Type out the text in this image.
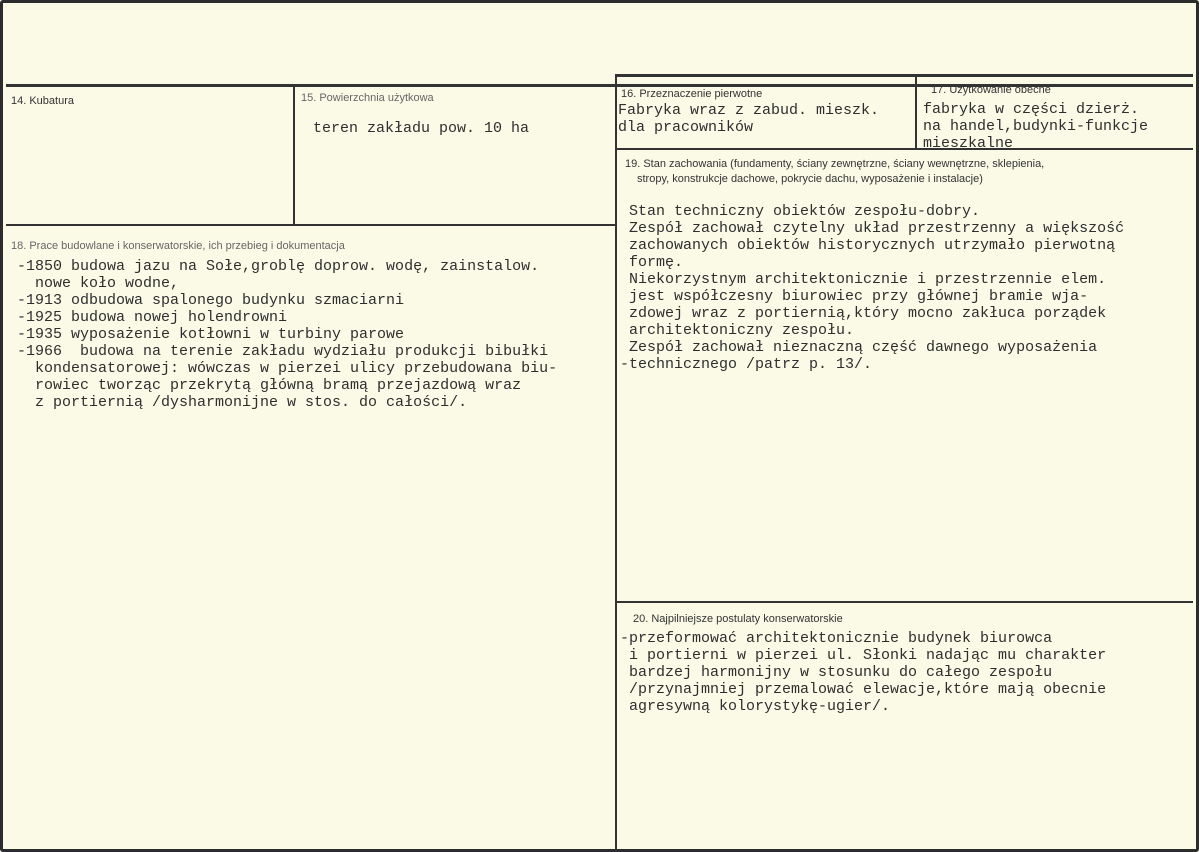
14. Kubatura	15. Powierzchnia użytkowa
teren zakładu pow. 10 ha
16. Przeznaczenie pierwotne
Fabryka wraz z zabud. mieszk.
dla pracowników
17. Użytkowanie obecne
fabryka w części dzierż.
na handel,budynki-funkcje
mieszkalne
18. Prace budowlane i konserwatorskie, ich przebieg i dokumentacja
-1850 budowa jazu na Sołe,groblę doprow. wodę, zainstalow.
nowe koło wodne,
-1913 odbudowa spalonego budynku szmaciarni
-1925 budowa nowej holendrowni
-1935 wyposażenie kotłowni w turbiny parowe
-1966  budowa na terenie zakładu wydziału produkcji bibułki
kondensatorowej: wówczas w pierzei ulicy przebudowana biu-
rowiec tworząc przekrytą główną bramą przejazdową wraz
z portiernią /dysharmonijne w stos. do całości/.
19. Stan zachowania (fundamenty, ściany zewnętrzne, ściany wewnętrzne, sklepienia,
stropy, konstrukcje dachowe, pokrycie dachu, wyposażenie i instalacje)
Stan techniczny obiektów zespołu-dobry.
Zespół zachował czytelny układ przestrzenny a większość
zachowanych obiektów historycznych utrzymało pierwotną
formę.
Niekorzystnym architektonicznie i przestrzennie elem.
jest współczesny biurowiec przy głównej bramie wja-
zdowej wraz z portiernią,który mocno zakłuca porządek
architektoniczny zespołu.
Zespół zachował nieznaczną część dawnego wyposażenia
-technicznego /patrz p. 13/.
20. Najpilniejsze postulaty konserwatorskie
-przeformować architektonicznie budynek biurowca
i portierni w pierzei ul. Słonki nadając mu charakter
bardzej harmonijny w stosunku do całego zespołu
/przynajmniej przemalować elewacje,które mają obecnie
agresywną kolorystykę-ugier/.
